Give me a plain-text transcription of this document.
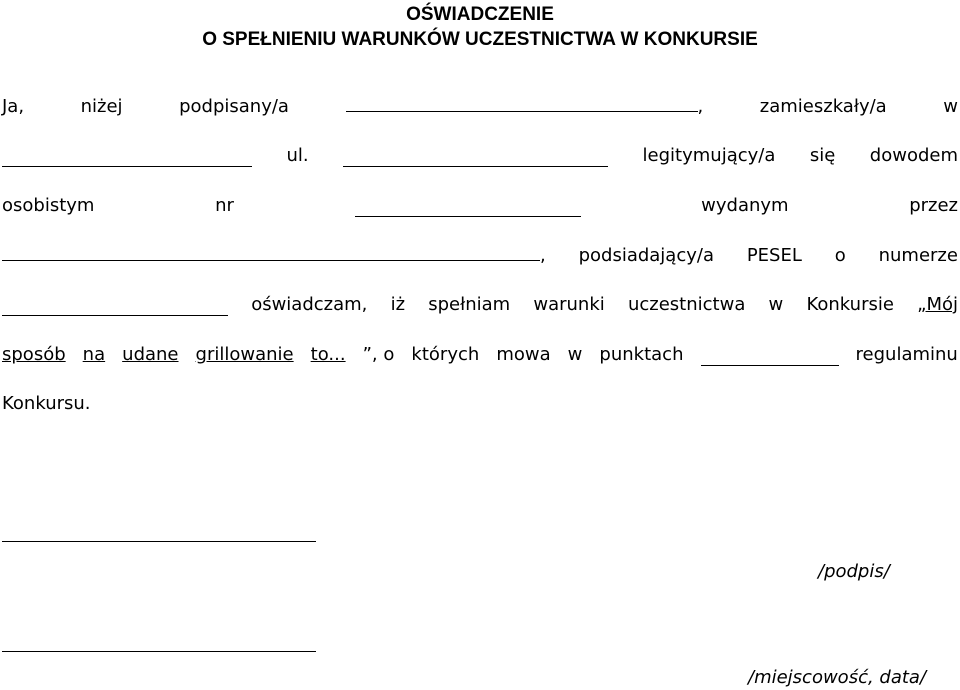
OŚWIADCZENIE
O SPEŁNIENIU WARUNKÓW UCZESTNICTWA W KONKURSIE
Ja,	niżej	podpisany/a	,	zamieszkały/a	w
ul.	legitymujący/a się dowodem
osobistym	nr	wydanym	przez
, podsiadający/a PESEL o numerze
oświadczam, iż spełniam warunki uczestnictwa w Konkursie „Mój
sposób na udane grillowanie to... ”, o których mowa w punktach	regulaminu
Konkursu.
/podpis/
/miejscowość, data/
